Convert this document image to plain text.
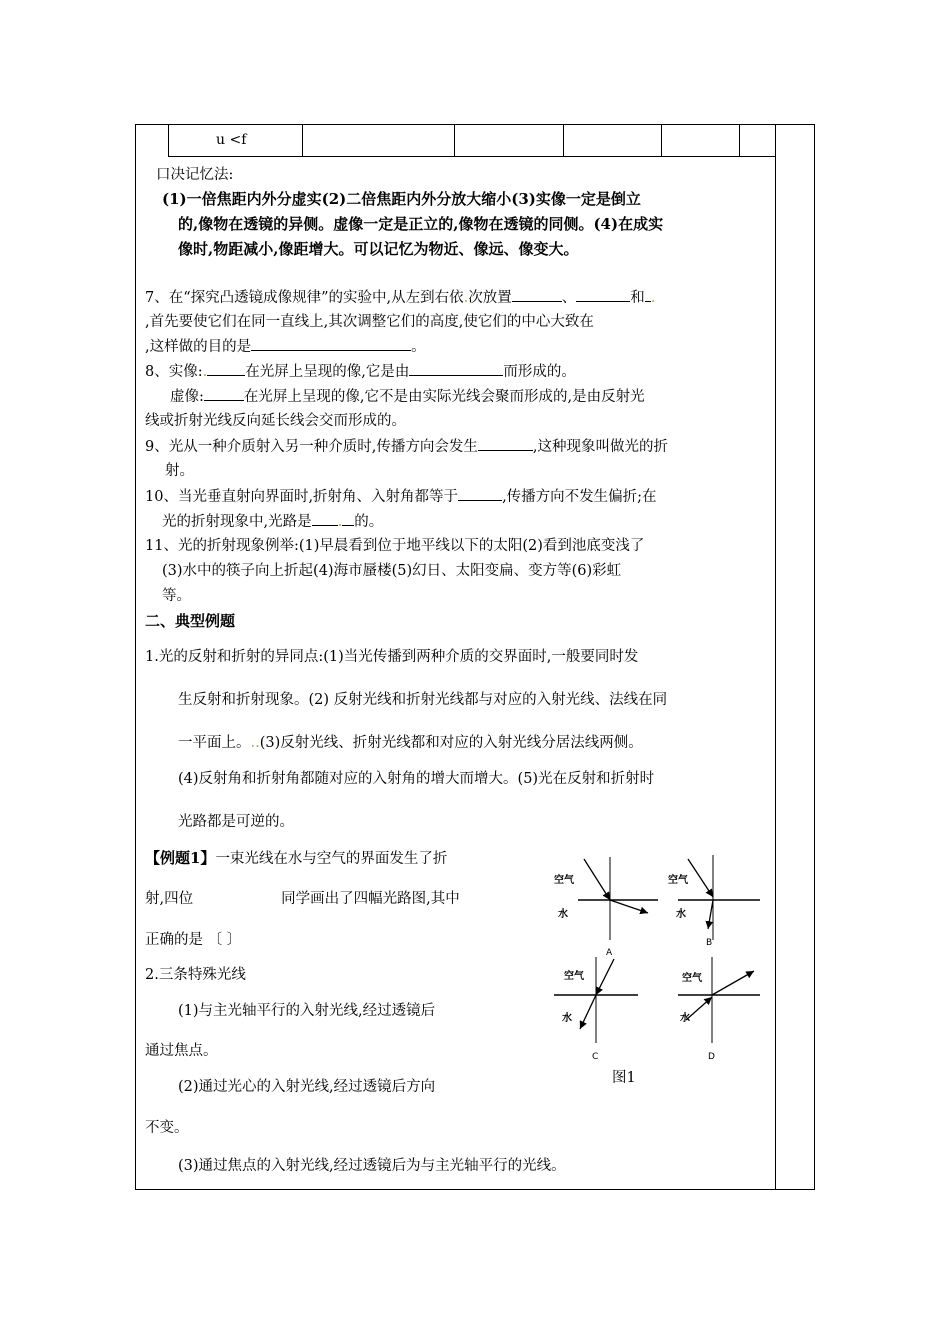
u <f
口决记忆法:
(1)一倍焦距内外分虚实(2)二倍焦距内外分放大缩小(3)实像一定是倒立
的,像物在透镜的异侧。虚像一定是正立的,像物在透镜的同侧。(4)在成实
像时,物距减小,像距增大。可以记忆为物近、像远、像变大。
7、在“探究凸透镜成像规律”的实验中,从左到右依.次放置	、	和 .
,首先要使它们在同一直线上,其次调整它们的高度,使它们的中心大致在
,这样做的目的是	。
8、实像:.	在光屏上呈现的像,它是由	而形成的。
虚像:	在光屏上呈现的像,它不是由实际光线会聚而形成的,是由反射光
线或折射光线反向延长线会交而形成的。
9、光从一种介质射入另一种介质时,传播方向会发生	,这种现象叫做光的折
射。
10、当光垂直射向界面时,折射角、入射角都等于	,传播方向不发生偏折;在
光的折射现象中,光路是 . 的。
11、光的折射现象例举:(1)早晨看到位于地平线以下的太阳(2)看到池底变浅了
(3)水中的筷子向上折起(4)海市蜃楼(5)幻日、太阳变扁、变方等(6)彩虹
等。
二、典型例题
1.光的反射和折射的异同点:(1)当光传播到两种介质的交界面时,一般要同时发
生反射和折射现象。(2) 反射光线和折射光线都与对应的入射光线、法线在同
一平面上。..(3)反射光线、折射光线都和对应的入射光线分居法线两侧。
(4)反射角和折射角都随对应的入射角的增大而增大。(5)光在反射和折射时
光路都是可逆的。
【例题1】一束光线在水与空气的界面发生了折
射,四位	同学画出了四幅光路图,其中
正确的是 〔 〕
2.三条特殊光线
(1)与主光轴平行的入射光线,经过透镜后
通过焦点。
(2)通过光心的入射光线,经过透镜后方向
不变。
(3)通过焦点的入射光线,经过透镜后为与主光轴平行的光线。
空气
水
A
空气
水
B
空气
水
C
空气
水
D
图1
